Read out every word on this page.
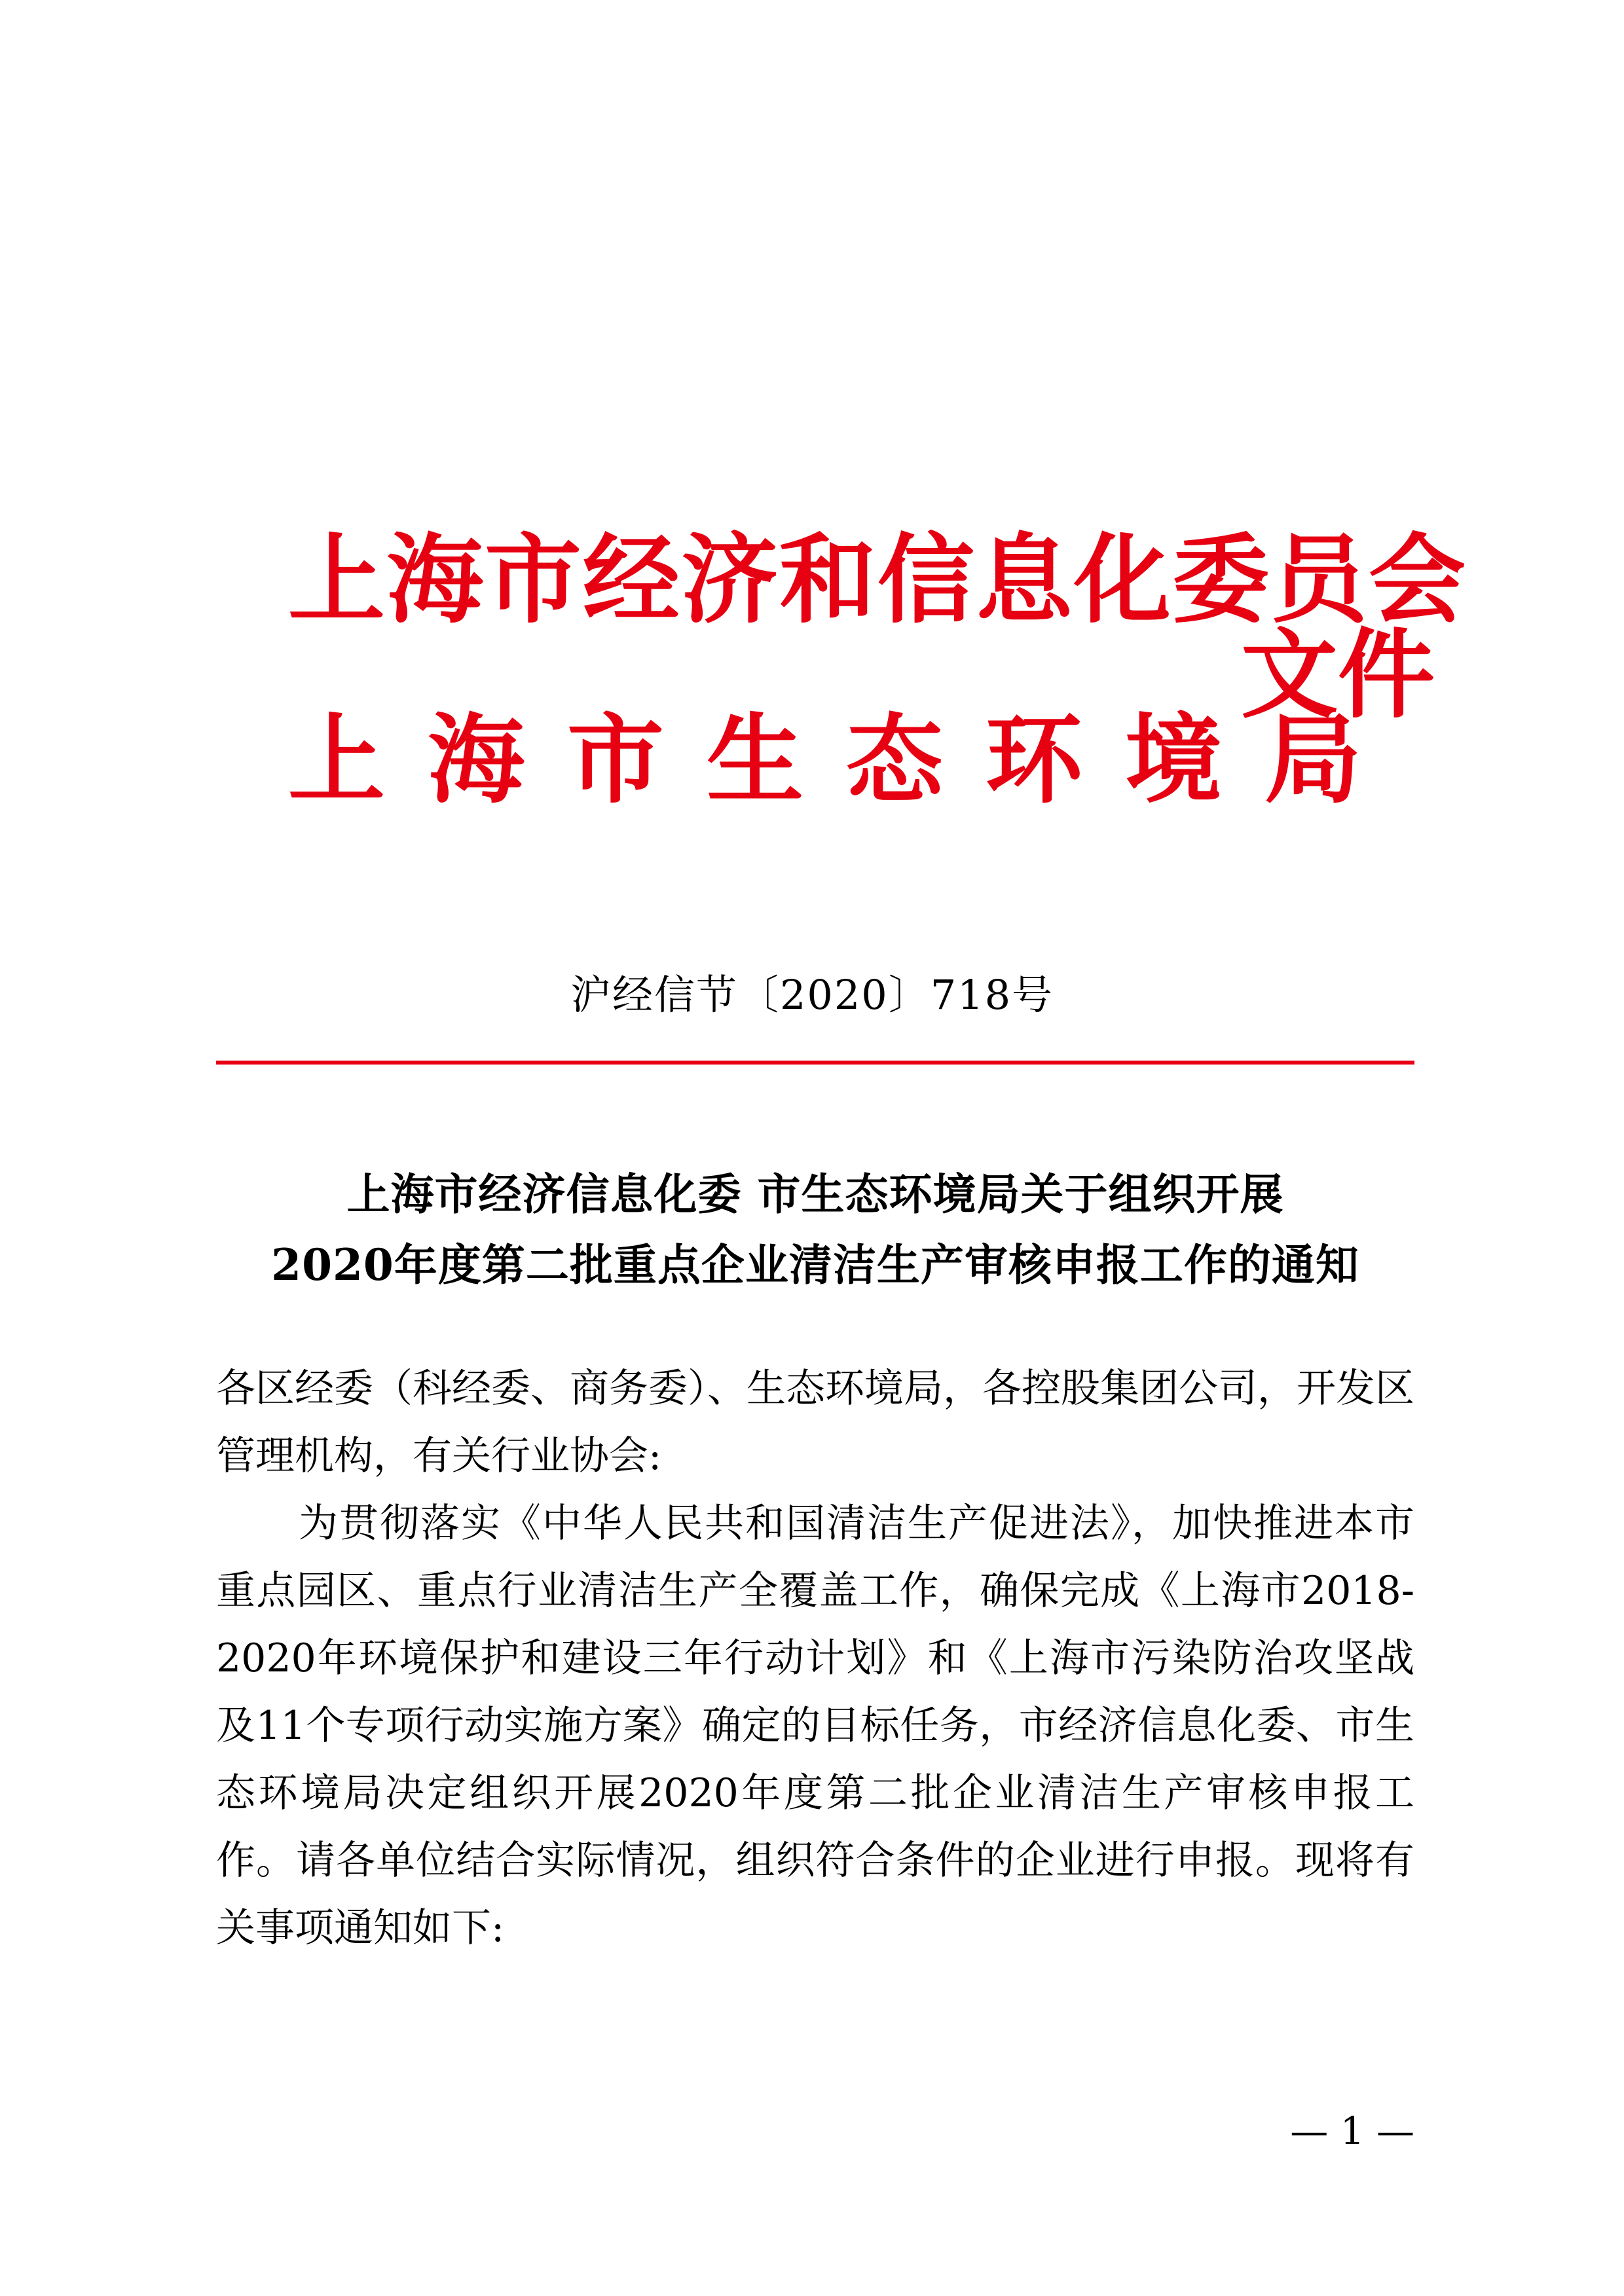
上海市经济和信息化委员会
上海市生态环境局
文件
沪经信节〔2020〕718号
上海市经济信息化委 市生态环境局关于组织开展
2020年度第二批重点企业清洁生产审核申报工作的通知

各区经委（科经委、商务委）、生态环境局，各控股集团公司，开发区管理机构，有关行业协会:

为贯彻落实《中华人民共和国清洁生产促进法》，加快推进本市重点园区、重点行业清洁生产全覆盖工作，确保完成《上海市2018-2020年环境保护和建设三年行动计划》和《上海市污染防治攻坚战及11个专项行动实施方案》确定的目标任务，市经济信息化委、市生态环境局决定组织开展2020年度第二批企业清洁生产审核申报工作。请各单位结合实际情况，组织符合条件的企业进行申报。现将有关事项通知如下:

— 1 —
